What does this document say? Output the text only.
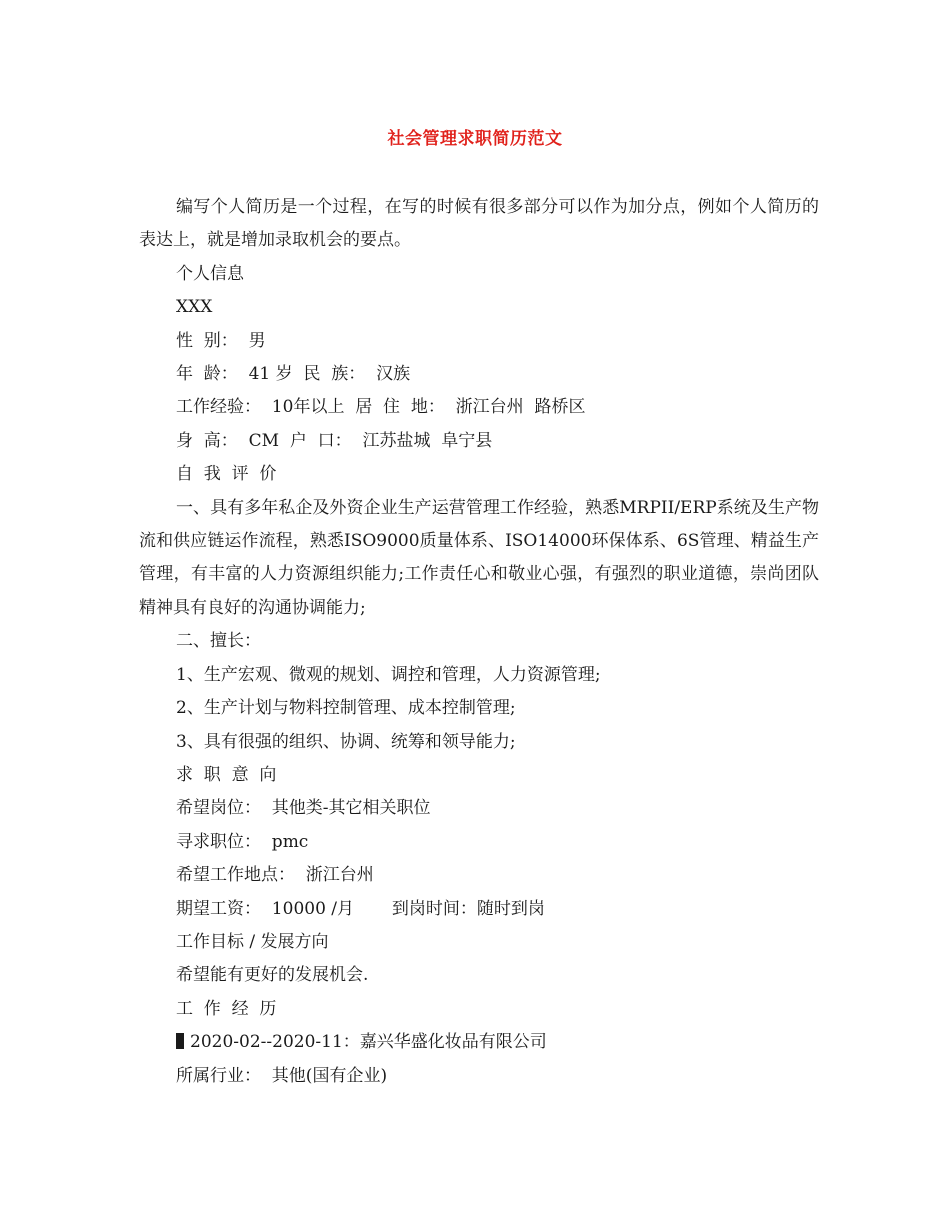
社会管理求职简历范文

编写个人简历是一个过程，在写的时候有很多部分可以作为加分点，例如个人简历的表达上，就是增加录取机会的要点。

个人信息

XXX

性  别：  男

年  龄：  41 岁  民  族：  汉族

工作经验：  10年以上  居  住  地：  浙江台州  路桥区

身  高：  CM  户  口：  江苏盐城  阜宁县

自  我  评  价

一、具有多年私企及外资企业生产运营管理工作经验，熟悉MRPII/ERP系统及生产物流和供应链运作流程，熟悉ISO9000质量体系、ISO14000环保体系、6S管理、精益生产管理，有丰富的人力资源组织能力;工作责任心和敬业心强，有强烈的职业道德，崇尚团队精神具有良好的沟通协调能力;

二、擅长：

1、生产宏观、微观的规划、调控和管理，人力资源管理;

2、生产计划与物料控制管理、成本控制管理;

3、具有很强的组织、协调、统筹和领导能力;

求  职  意  向

希望岗位：  其他类-其它相关职位

寻求职位：  pmc

希望工作地点：  浙江台州

期望工资：  10000 /月       到岗时间：随时到岗

工作目标 / 发展方向

希望能有更好的发展机会.

工  作  经  历

2020-02--2020-11：嘉兴华盛化妆品有限公司

所属行业：  其他(国有企业)
